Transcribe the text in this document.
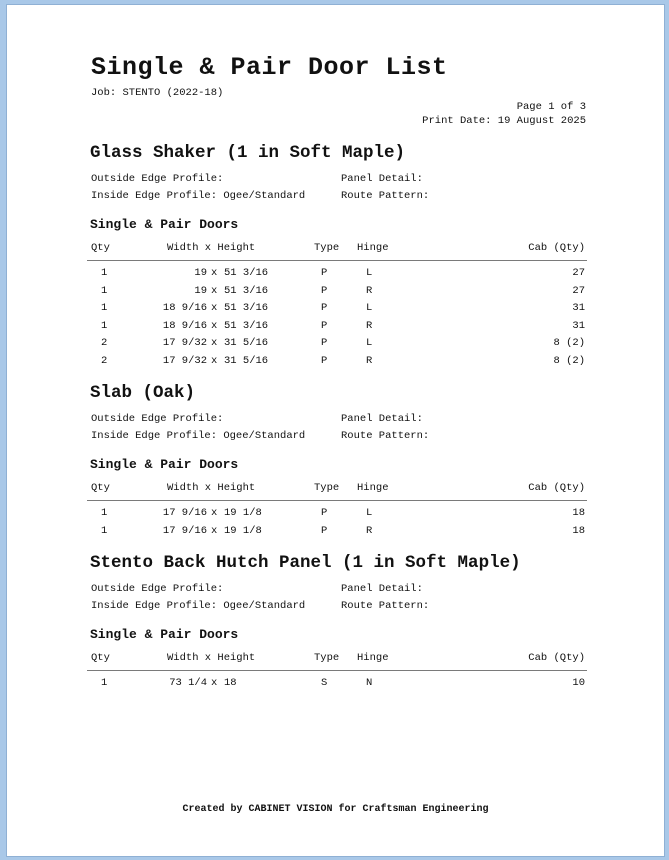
Single & Pair Door List
Job: STENTO (2022-18)
Page 1 of 3
Print Date: 19 August 2025
Glass Shaker (1 in Soft Maple)
Outside Edge Profile:	Panel Detail:
Inside Edge Profile: Ogee/Standard	Route Pattern:
Single & Pair Doors
Qty	Width x Height	Type Hinge	Cab (Qty)
1	19 x 51 3/16	P	L	27
1	19 x 51 3/16	P	R	27
1	18 9/16 x 51 3/16	P	L	31
1	18 9/16 x 51 3/16	P	R	31
2	17 9/32 x 31 5/16	P	L	8 (2)
2	17 9/32 x 31 5/16	P	R	8 (2)
Slab (Oak)
Outside Edge Profile:	Panel Detail:
Inside Edge Profile: Ogee/Standard	Route Pattern:
Single & Pair Doors
Qty	Width x Height	Type Hinge	Cab (Qty)
1	17 9/16 x 19 1/8	P	L	18
1	17 9/16 x 19 1/8	P	R	18
Stento Back Hutch Panel (1 in Soft Maple)
Outside Edge Profile:	Panel Detail:
Inside Edge Profile: Ogee/Standard	Route Pattern:
Single & Pair Doors
Qty	Width x Height	Type Hinge	Cab (Qty)
1	73 1/4 x 18	S	N	10
Created by CABINET VISION for Craftsman Engineering
